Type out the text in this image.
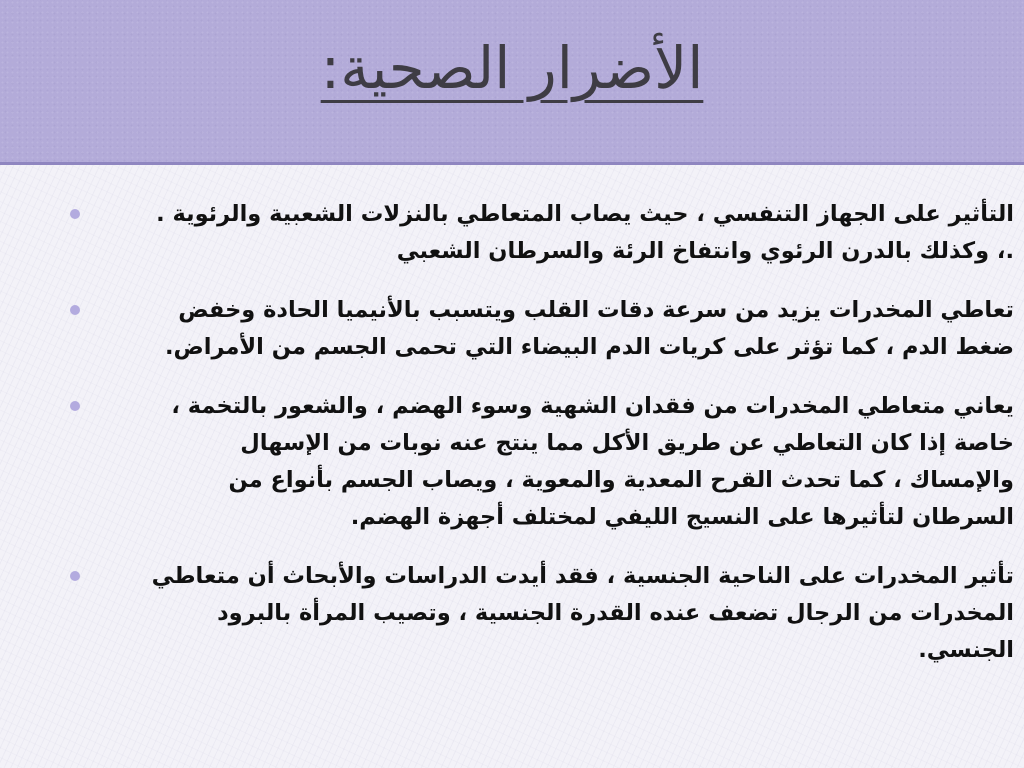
الأضرار الصحية:
التأثير على الجهاز التنفسي ، حيث يصاب المتعاطي بالنزلات الشعبية والرئوية .
.، وكذلك بالدرن الرئوي وانتفاخ الرئة والسرطان الشعبي
تعاطي المخدرات يزيد من سرعة دقات القلب ويتسبب بالأنيميا الحادة وخفض
ضغط الدم ، كما تؤثر على كريات الدم البيضاء التي تحمى الجسم من الأمراض.
يعاني متعاطي المخدرات من فقدان الشهية وسوء الهضم ، والشعور بالتخمة ،
خاصة إذا كان التعاطي عن طريق الأكل مما ينتج عنه نوبات من الإسهال
والإمساك ، كما تحدث القرح المعدية والمعوية ، ويصاب الجسم بأنواع من
السرطان لتأثيرها على النسيج الليفي لمختلف أجهزة الهضم.
تأثير المخدرات على الناحية الجنسية ، فقد أيدت الدراسات والأبحاث أن متعاطي
المخدرات من الرجال تضعف عنده القدرة الجنسية ، وتصيب المرأة بالبرود
الجنسي.
